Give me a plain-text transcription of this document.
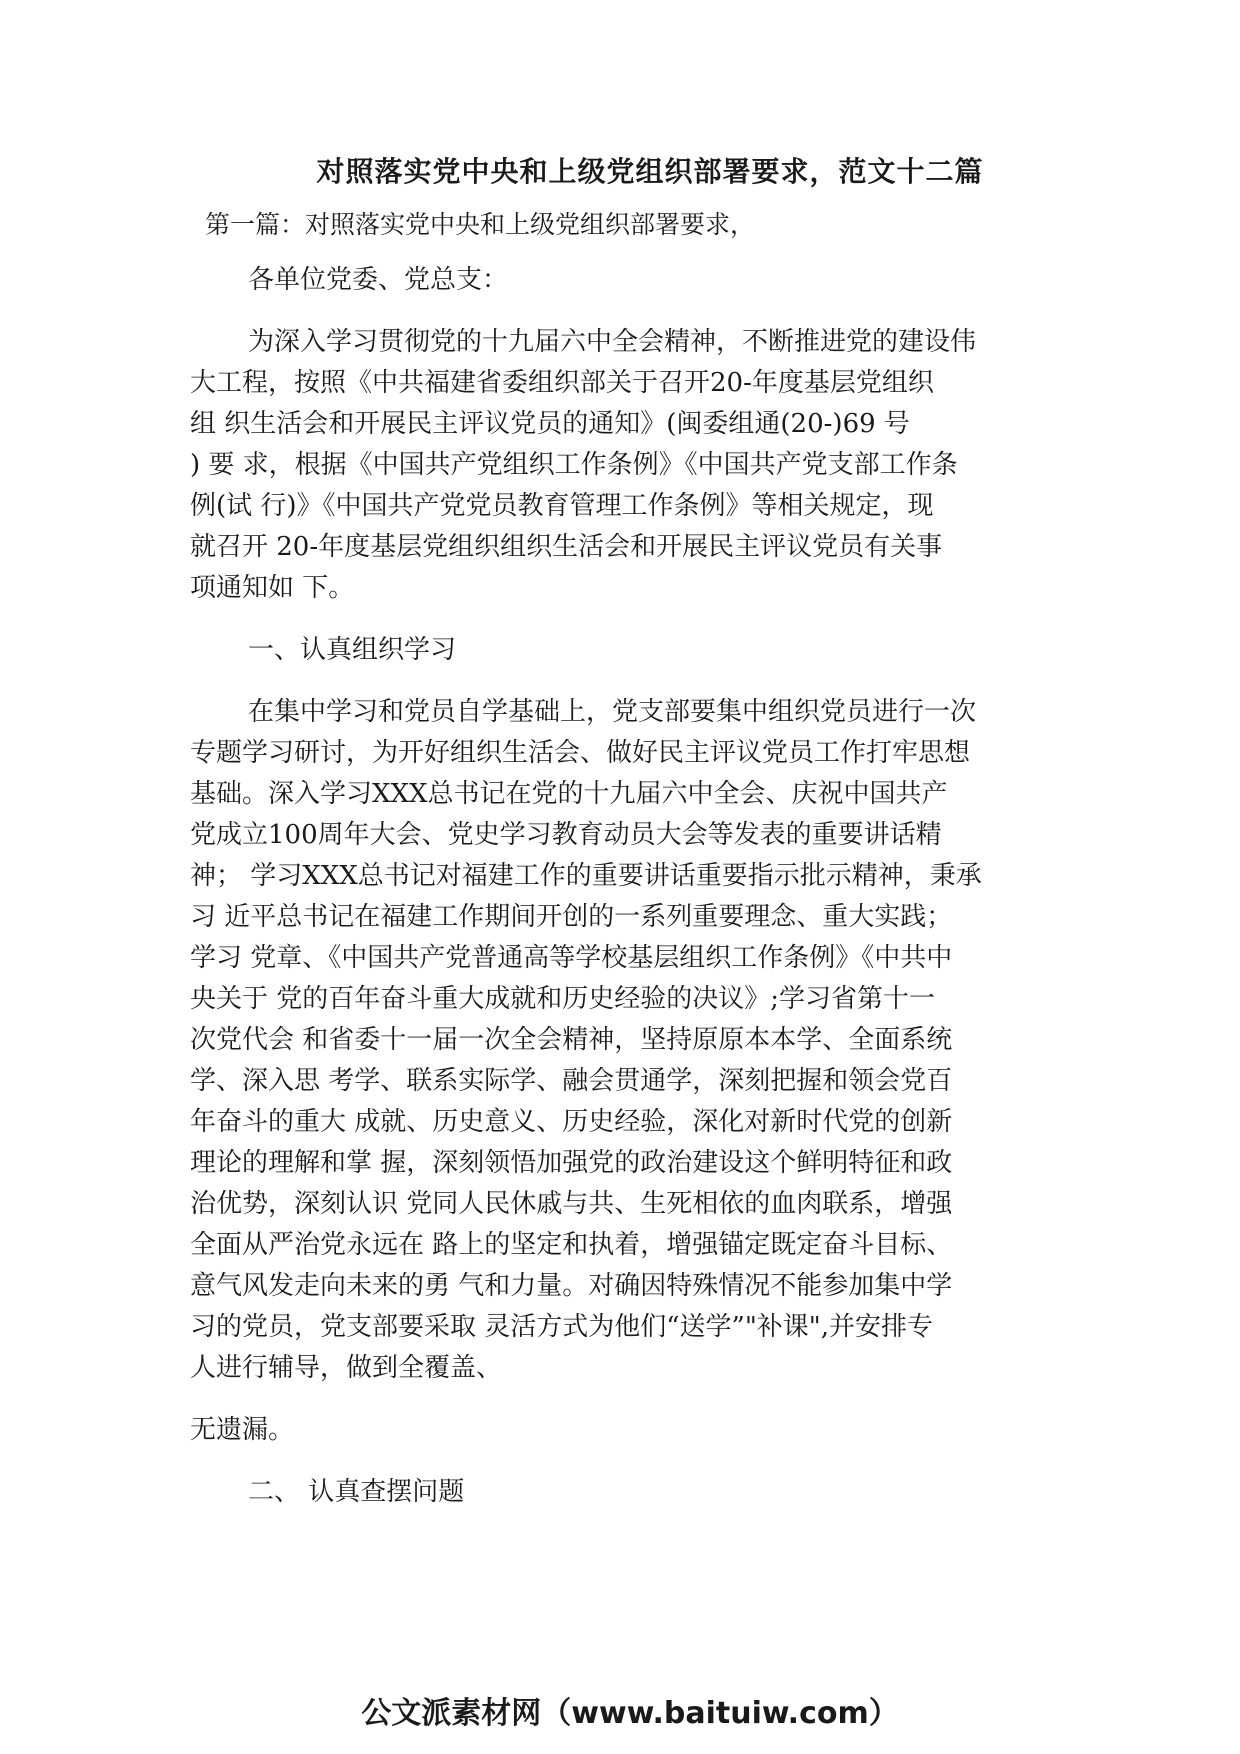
对照落实党中央和上级党组织部署要求，范文十二篇

第一篇：对照落实党中央和上级党组织部署要求，

各单位党委、党总支：

为深入学习贯彻党的十九届六中全会精神，不断推进党的建设伟

大工程，按照《中共福建省委组织部关于召开20-年度基层党组织

组 织生活会和开展民主评议党员的通知》(闽委组通(20-)69 号

) 要 求，根据《中国共产党组织工作条例》《中国共产党支部工作条

例(试 行)》《中国共产党党员教育管理工作条例》等相关规定，现

就召开 20-年度基层党组织组织生活会和开展民主评议党员有关事

项通知如 下。

一、认真组织学习

在集中学习和党员自学基础上，党支部要集中组织党员进行一次

专题学习研讨，为开好组织生活会、做好民主评议党员工作打牢思想

基础。深入学习XXX总书记在党的十九届六中全会、庆祝中国共产

党成立100周年大会、党史学习教育动员大会等发表的重要讲话精

神； 学习XXX总书记对福建工作的重要讲话重要指示批示精神，秉承

习 近平总书记在福建工作期间开创的一系列重要理念、重大实践；

学习 党章、《中国共产党普通高等学校基层组织工作条例》《中共中

央关于 党的百年奋斗重大成就和历史经验的决议》;学习省第十一

次党代会 和省委十一届一次全会精神，坚持原原本本学、全面系统

学、深入思 考学、联系实际学、融会贯通学，深刻把握和领会党百

年奋斗的重大 成就、历史意义、历史经验，深化对新时代党的创新

理论的理解和掌 握，深刻领悟加强党的政治建设这个鲜明特征和政

治优势，深刻认识 党同人民休戚与共、生死相依的血肉联系，增强

全面从严治党永远在 路上的坚定和执着，增强锚定既定奋斗目标、

意气风发走向未来的勇 气和力量。对确因特殊情况不能参加集中学

习的党员，党支部要采取 灵活方式为他们“送学”"补课",并安排专

人进行辅导，做到全覆盖、

无遗漏。

二、 认真查摆问题

公文派素材网（www.baituiw.com）
